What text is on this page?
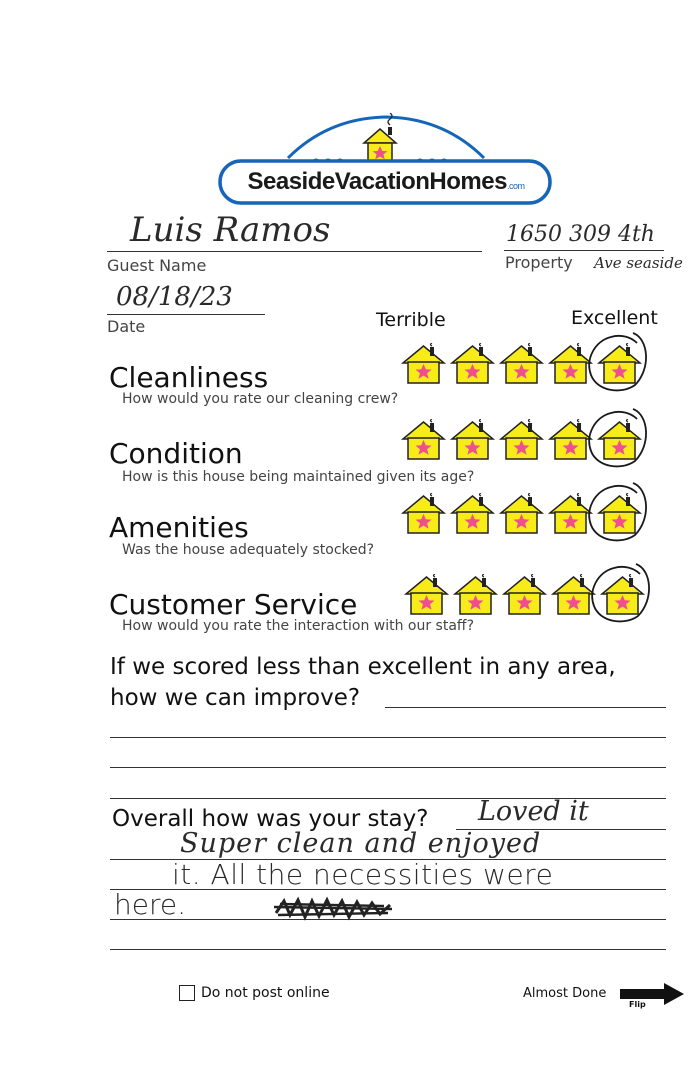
SeasideVacationHomes.com
Luis Ramos
Guest Name
1650 309 4th
Property Ave seaside
08/18/23
Date	Terrible	Excellent
Cleanliness
How would you rate our cleaning crew?
Condition
How is this house being maintained given its age?
Amenities
Was the house adequately stocked?
Customer Service
How would you rate the interaction with our staff?
If we scored less than excellent in any area,
how we can improve?
Overall how was your stay? Loved it
Super clean and enjoyed
it. All the necessities were
here.
Do not post online	Almost Done
Flip
